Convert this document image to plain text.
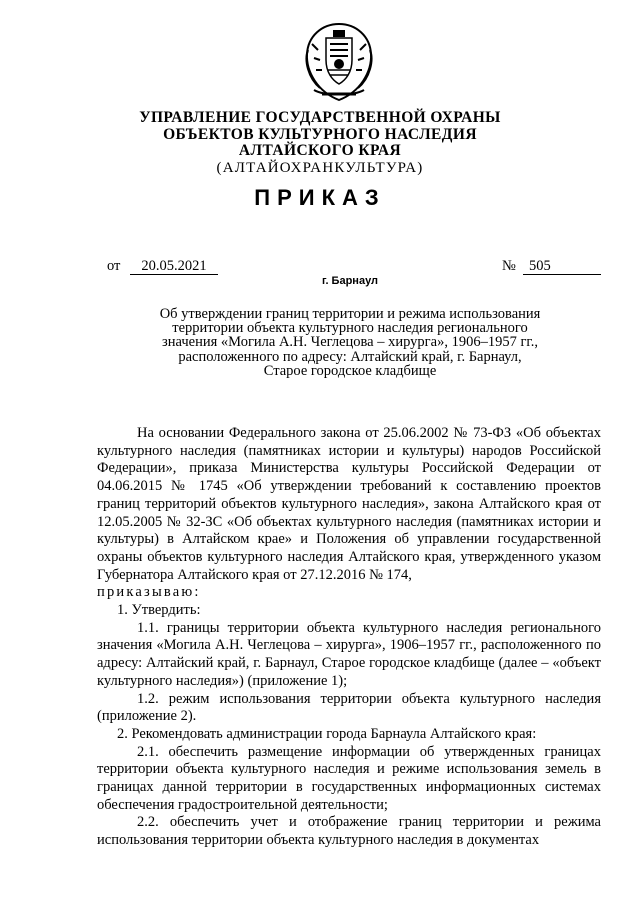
УПРАВЛЕНИЕ ГОСУДАРСТВЕННОЙ ОХРАНЫ
ОБЪЕКТОВ КУЛЬТУРНОГО НАСЛЕДИЯ
АЛТАЙСКОГО КРАЯ
(АЛТАЙОХРАНКУЛЬТУРА)
ПРИКАЗ
от	20.05.2021	№ 505
г. Барнаул
Об утверждении границ территории и режима использования
территории объекта культурного наследия регионального
значения «Могила А.Н. Чеглецова – хирурга», 1906–1957 гг.,
расположенного по адресу: Алтайский край, г. Барнаул,
Старое городское кладбище

На основании Федерального закона от 25.06.2002 № 73-ФЗ «Об объектах культурного наследия (памятниках истории и культуры) народов Российской Федерации», приказа Министерства культуры Российской Федерации от 04.06.2015 № 1745 «Об утверждении требований к составлению проектов границ территорий объектов культурного наследия», закона Алтайского края от 12.05.2005 № 32-ЗС «Об объектах культурного наследия (памятниках истории и культуры) в Алтайском крае» и Положения об управлении государственной охраны объектов культурного наследия Алтайского края, утвержденного указом Губернатора Алтайского края от 27.12.2016 № 174,

приказываю:

1. Утвердить:

1.1. границы территории объекта культурного наследия регионального значения «Могила А.Н. Чеглецова – хирурга», 1906–1957 гг., расположенного по адресу: Алтайский край, г. Барнаул, Старое городское кладбище (далее – «объект культурного наследия») (приложение 1);

1.2. режим использования территории объекта культурного наследия (приложение 2).

2. Рекомендовать администрации города Барнаула Алтайского края:

2.1. обеспечить размещение информации об утвержденных границах территории объекта культурного наследия и режиме использования земель в границах данной территории в государственных информационных системах обеспечения градостроительной деятельности;

2.2. обеспечить учет и отображение границ территории и режима использования территории объекта культурного наследия в документах
